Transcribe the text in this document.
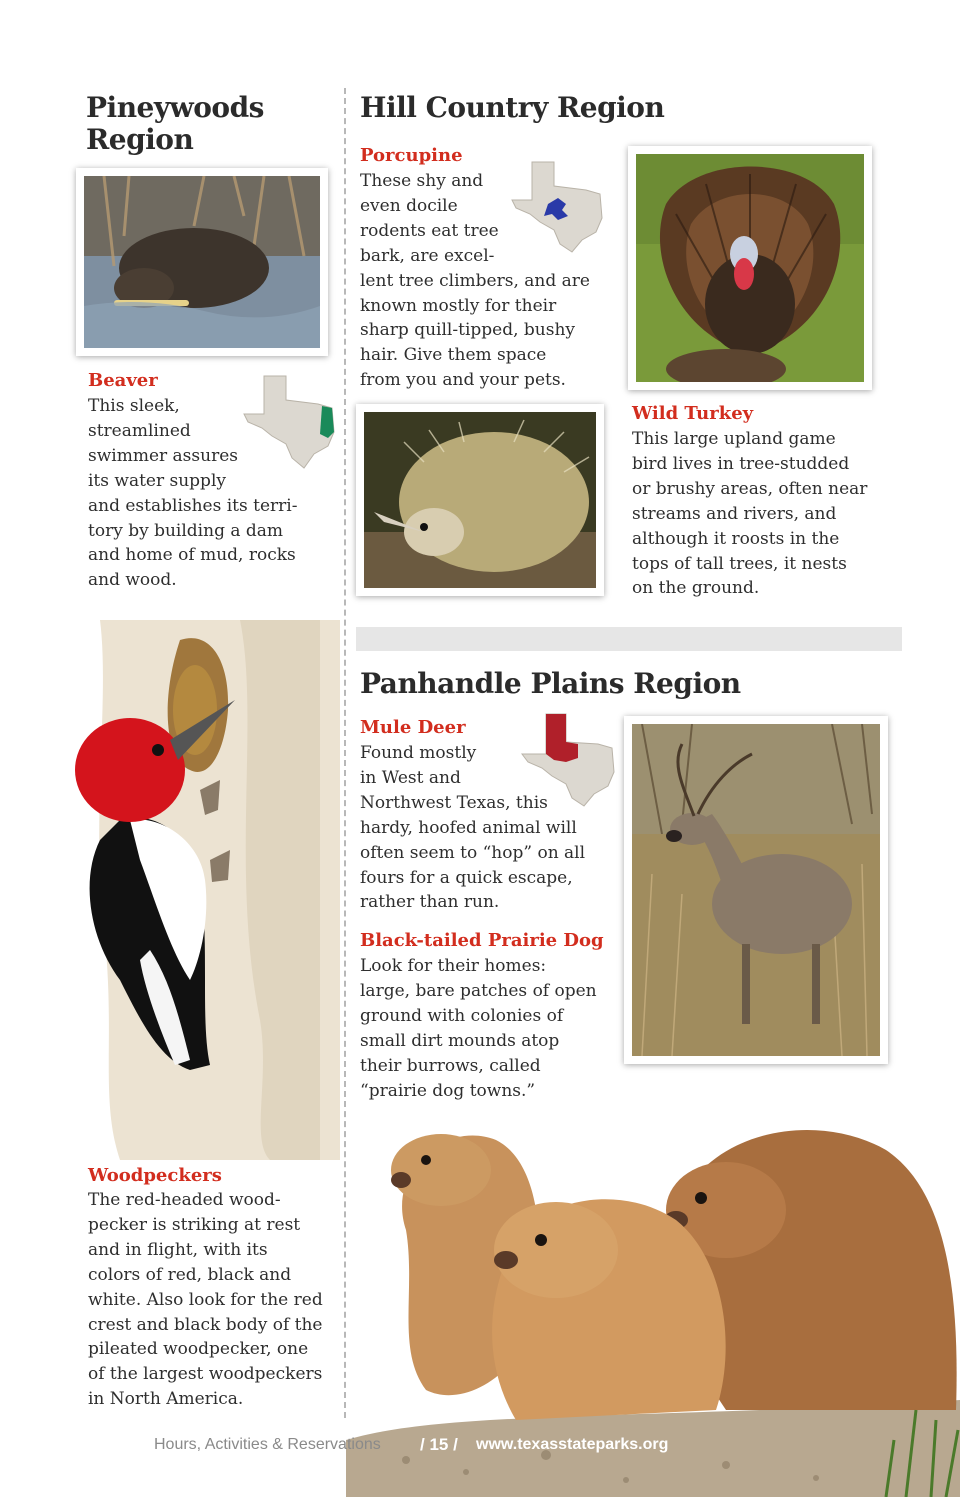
Pineywoods
Region
Beaver
This sleek,
streamlined
swimmer assures
its water supply
and establishes its terri-
tory by building a dam
and home of mud, rocks
and wood.
Woodpeckers
The red-headed wood-
pecker is striking at rest
and in flight, with its
colors of red, black and
white. Also look for the red
crest and black body of the
pileated woodpecker, one
of the largest woodpeckers
in North America.
Hill Country Region
Porcupine
These shy and
even docile
rodents eat tree
bark, are excel-
lent tree climbers, and are
known mostly for their
sharp quill-tipped, bushy
hair. Give them space
from you and your pets.
Wild Turkey
This large upland game
bird lives in tree-studded
or brushy areas, often near
streams and rivers, and
although it roosts in the
tops of tall trees, it nests
on the ground.
Panhandle Plains Region
Mule Deer
Found mostly
in West and
Northwest Texas, this
hardy, hoofed animal will
often seem to “hop” on all
fours for a quick escape,
rather than run.
Black-tailed Prairie Dog
Look for their homes:
large, bare patches of open
ground with colonies of
small dirt mounds atop
their burrows, called
“prairie dog towns.”
Hours, Activities & Reservations / 15 / www.texasstateparks.org
